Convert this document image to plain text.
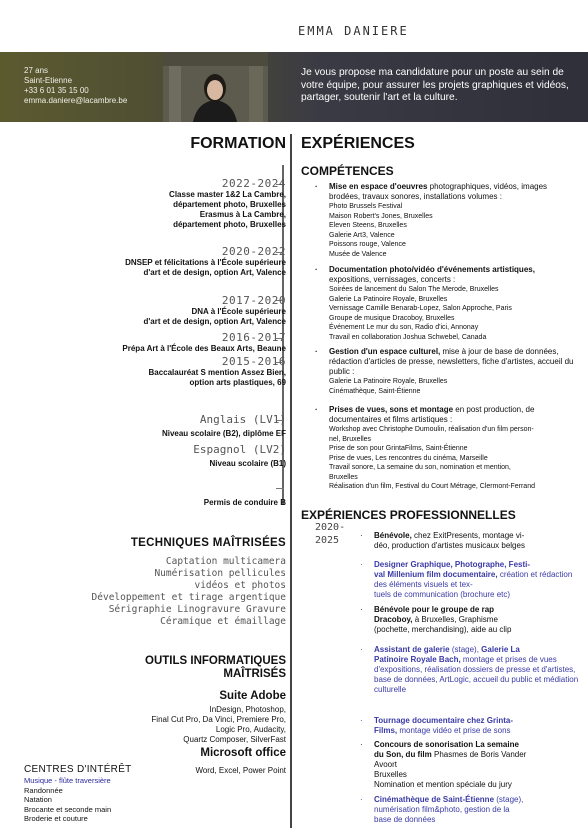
EMMA DANIERE
27 ans
Saint-Etienne
+33 6 01 35 15 00
emma.daniere@lacambre.be
Je vous propose ma candidature pour un poste au sein de votre équipe, pour assurer les projets graphiques et vidéos, partager, soutenir l'art et la culture.
FORMATION EXPÉRIENCES
2022-2024
Classe master 1&2 La Cambre,
département photo, Bruxelles
Erasmus à La Cambre,
département photo, Bruxelles
2020-2022
DNSEP et félicitations à l'École supérieure
d'art et de design, option Art, Valence
2017-2020
DNA à l'École supérieure
d'art et de design, option Art, Valence
2016-2017
Prépa Art à l'École des Beaux Arts, Beaune
2015-2016
Baccalauréat S mention Assez Bien,
option arts plastiques, 69
Anglais (LV1)
Niveau scolaire (B2), diplôme EF
Espagnol (LV2)
Niveau scolaire (B1)
Permis de conduire B
TECHNIQUES MAÎTRISÉES
Captation multicamera
Numérisation pellicules
vidéos et photos
Développement et tirage argentique
Sérigraphie Linogravure Gravure
Céramique et émaillage
OUTILS INFORMATIQUES
MAÎTRISÉS
Suite Adobe
InDesign, Photoshop,
Final Cut Pro, Da Vinci, Premiere Pro,
Logic Pro, Audacity,
Quartz Composer, SilverFast
Microsoft office
Word, Excel, Power Point
CENTRES D'INTÉRÊT
Musique - flûte traversière
Randonnée
Natation
Brocante et seconde main
Broderie et couture
COMPÉTENCES
· Mise en espace d'oeuvres photographiques, vidéos, images brodées, travaux sonores, installations volumes :
Photo Brussels Festival
Maison Robert's Jones, Bruxelles
Eleven Steens, Bruxelles
Galerie Art3, Valence
Poissons rouge, Valence
Musée de Valence
· Documentation photo/vidéo d'événements artistiques, expositions, vernissages, concerts :
Soirées de lancement du Salon The Merode, Bruxelles
Galerie La Patinoire Royale, Bruxelles
Vernissage Camille Benarab-Lopez, Salon Approche, Paris
Groupe de musique Dracoboy, Bruxelles
Événement Le mur du son, Radio d'ici, Annonay
Travail en collaboration Joshua Schwebel, Canada
· Gestion d'un espace culturel, mise à jour de base de données, rédaction d'articles de presse, newsletters, fiche d'artistes, accueil du public :
Galerie La Patinoire Royale, Bruxelles
Cinémathèque, Saint-Étienne
· Prises de vues, sons et montage en post production, de documentaires et films artistiques :
Workshop avec Christophe Dumoulin, réalisation d'un film person-
nel, Bruxelles
Prise de son pour GrintaFilms, Saint-Étienne
Prise de vues, Les rencontres du cinéma, Marseille
Travail sonore, La semaine du son, nomination et mention,
Bruxelles
Réalisation d'un film, Festival du Court Métrage, Clermont-Ferrand
EXPÉRIENCES PROFESSIONNELLES
2020-
2025	· Bénévole, chez ExitPresents, montage vi-
déo, production d'artistes musicaux belges
· Designer Graphique, Photographe, Festi-
val Millenium film documentaire, création et rédaction des éléments visuels et tex-
tuels de communication (brochure etc)
· Bénévole pour le groupe de rap
Dracoboy, à Bruxelles, Graphisme
(pochette, merchandising), aide au clip
· Assistant de galerie (stage), Galerie La
Patinoire Royale Bach, montage et prises de vues d'expositions, réalisation dossiers de presse et d'artistes, base de données, ArtLogic, accueil du public et médiation culturelle
· Tournage documentaire chez Grinta-
Films, montage vidéo et prise de sons
· Concours de sonorisation La semaine
du Son, du film Phasmes de Boris Vander
Avoort
Bruxelles
Nomination et mention spéciale du jury
· Cinémathèque de Saint-Étienne (stage),
numérisation film&photo, gestion de la
base de données
